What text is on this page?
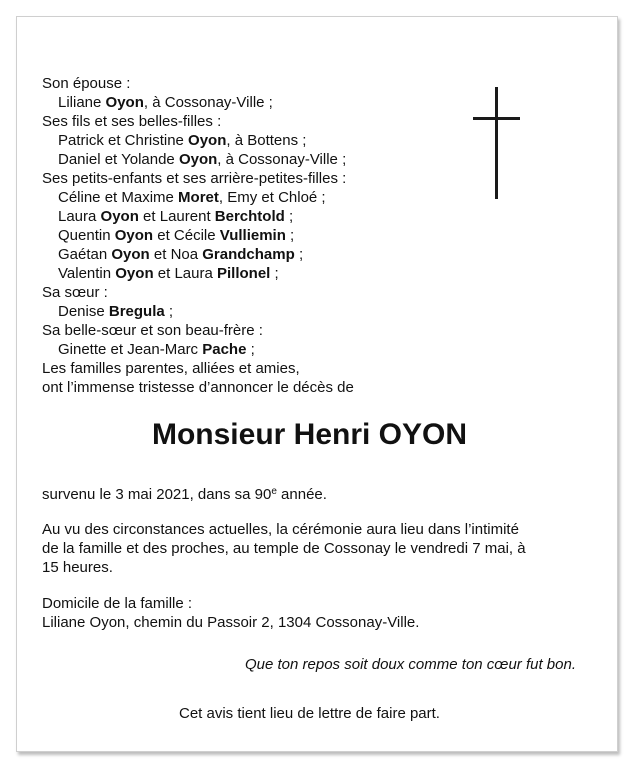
Son épouse :
Liliane Oyon, à Cossonay-Ville ;
Ses fils et ses belles-filles :
Patrick et Christine Oyon, à Bottens ;
Daniel et Yolande Oyon, à Cossonay-Ville ;
Ses petits-enfants et ses arrière-petites-filles :
Céline et Maxime Moret, Emy et Chloé ;
Laura Oyon et Laurent Berchtold ;
Quentin Oyon et Cécile Vulliemin ;
Gaétan Oyon et Noa Grandchamp ;
Valentin Oyon et Laura Pillonel ;
Sa sœur :
Denise Bregula ;
Sa belle-sœur et son beau-frère :
Ginette et Jean-Marc Pache ;
Les familles parentes, alliées et amies,
ont l’immense tristesse d’annoncer le décès de
Monsieur Henri OYON
survenu le 3 mai 2021, dans sa 90e année.
Au vu des circonstances actuelles, la cérémonie aura lieu dans l’intimité
de la famille et des proches, au temple de Cossonay le vendredi 7 mai, à
15 heures.
Domicile de la famille :
Liliane Oyon, chemin du Passoir 2, 1304 Cossonay-Ville.
Que ton repos soit doux comme ton cœur fut bon.
Cet avis tient lieu de lettre de faire part.
